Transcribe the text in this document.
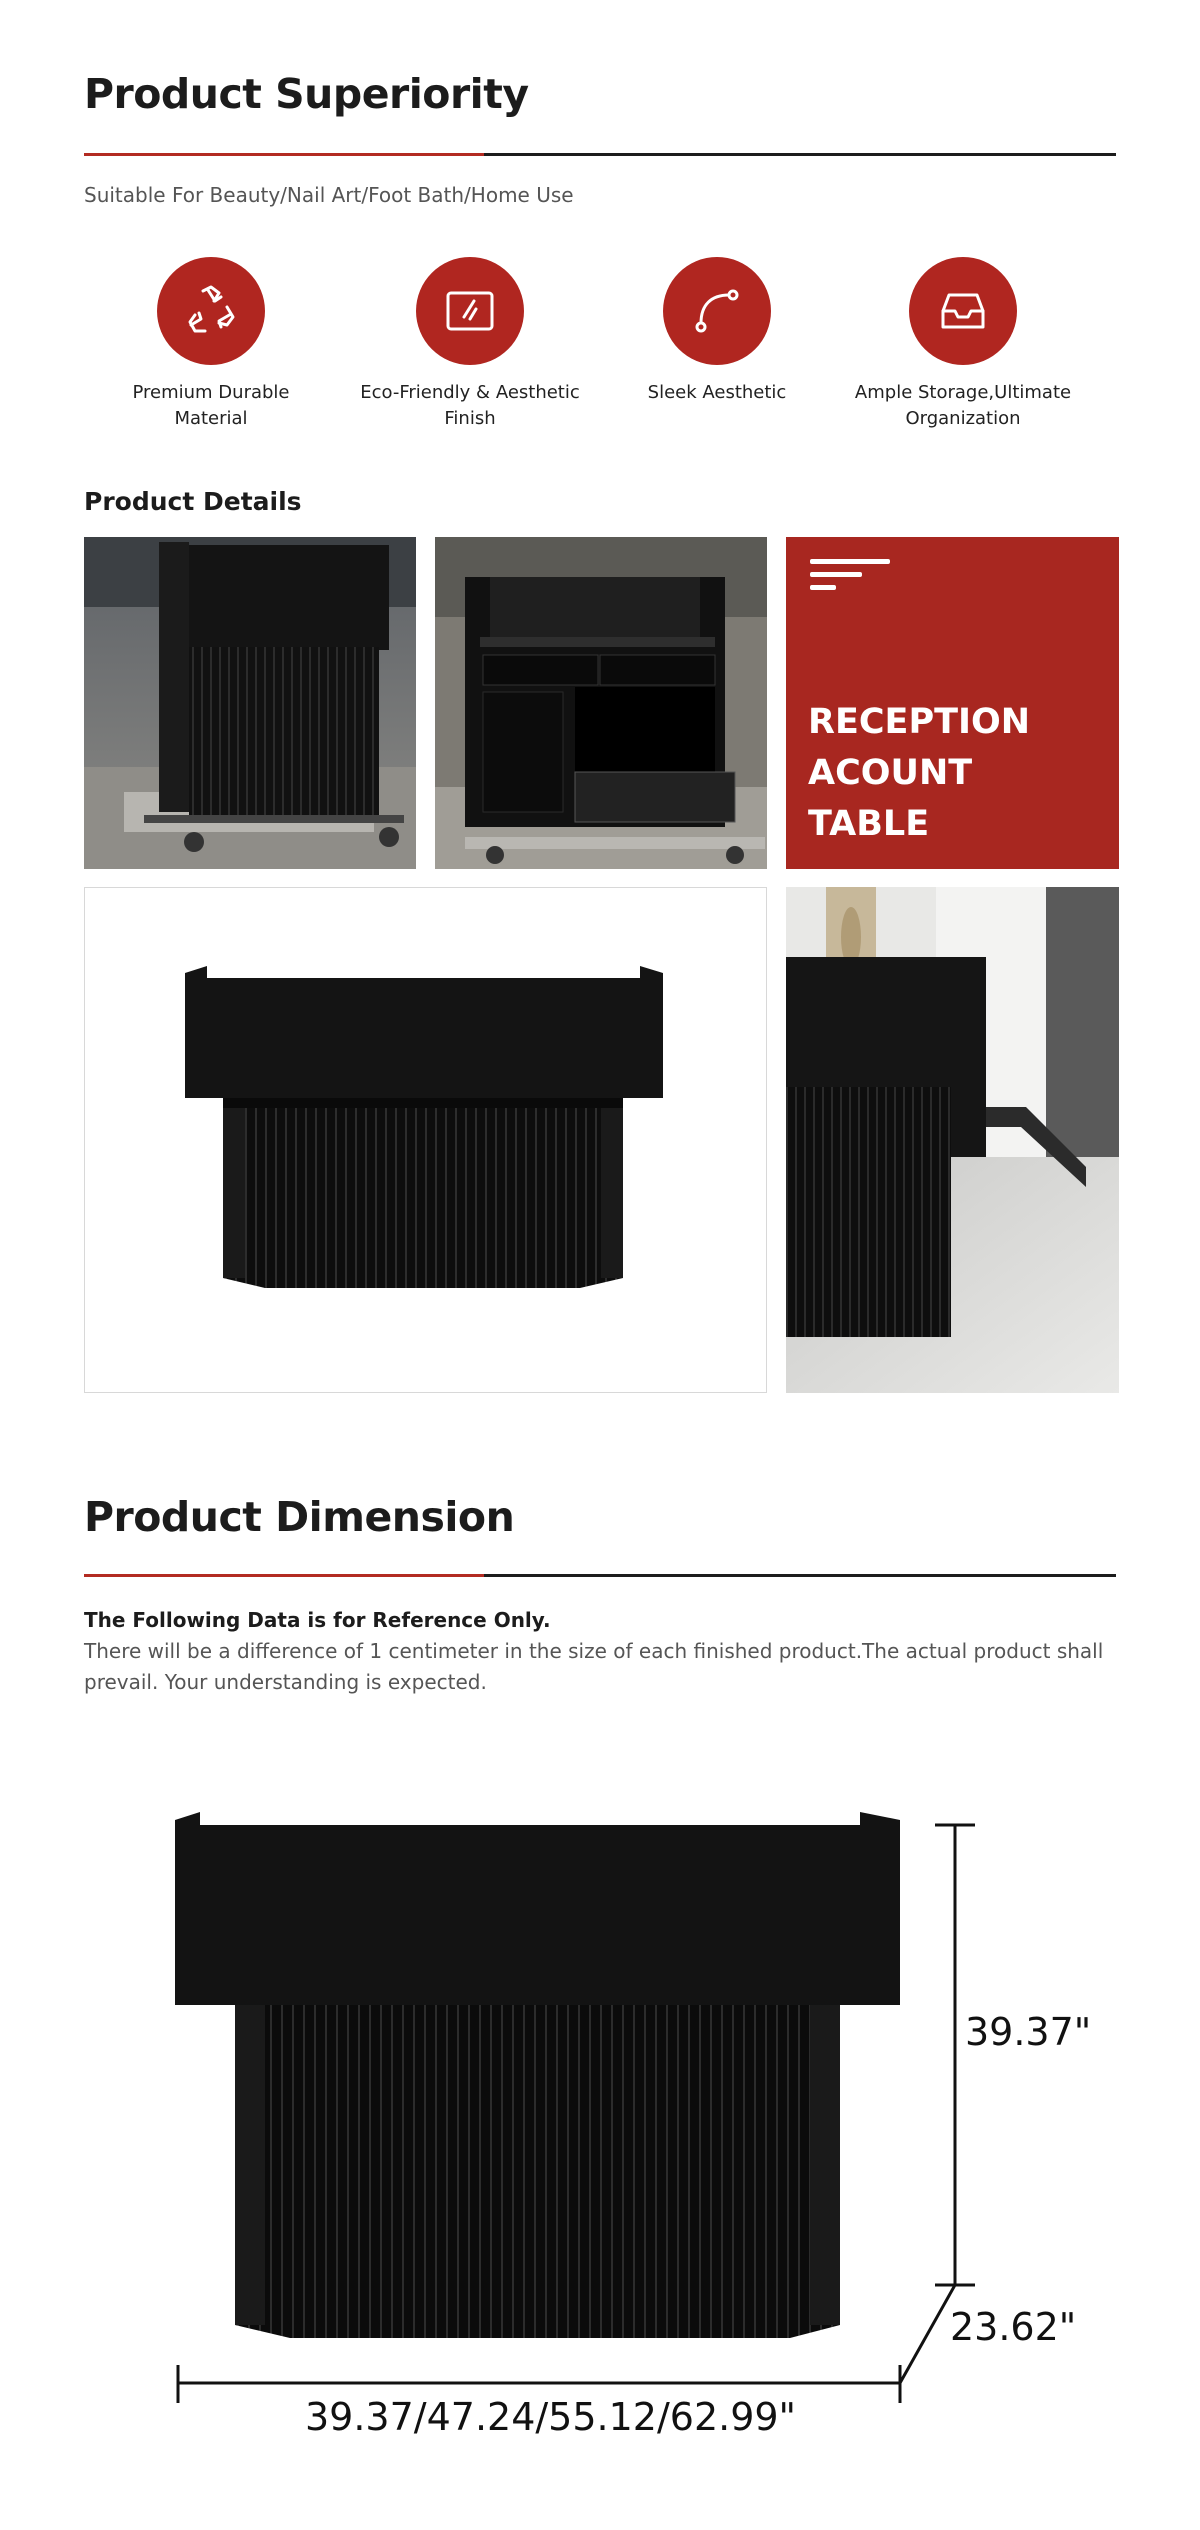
Product Superiority
Suitable For Beauty/Nail Art/Foot Bath/Home Use
Premium Durable
Material
Eco-Friendly & Aesthetic
Finish
Sleek Aesthetic	Ample Storage,Ultimate
Organization
Product Details
RECEPTION
ACOUNT
TABLE
Product Dimension
The Following Data is for Reference Only.
There will be a difference of 1 centimeter in the size of each finished product.The actual product shall prevail. Your understanding is expected.
39.37"
23.62"
39.37/47.24/55.12/62.99"
